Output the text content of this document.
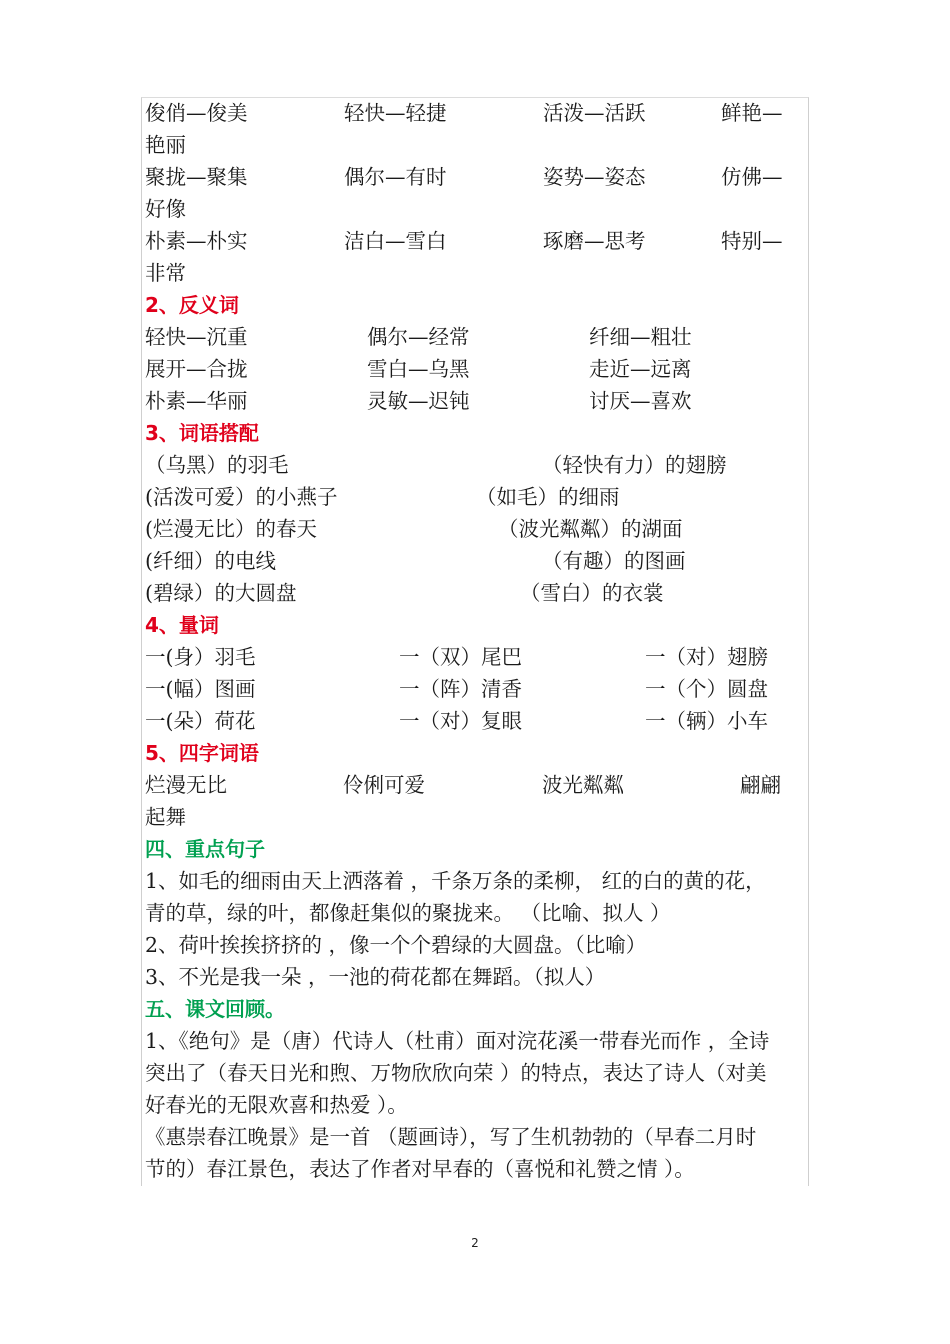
俊俏—俊美	轻快—轻捷	活泼—活跃	鲜艳—
艳丽
聚拢—聚集	偶尔—有时	姿势—姿态	仿佛—
好像
朴素—朴实	洁白—雪白	琢磨—思考	特别—
非常
2、反义词
轻快—沉重	偶尔—经常	纤细—粗壮
展开—合拢	雪白—乌黑	走近—远离
朴素—华丽	灵敏—迟钝	讨厌—喜欢
3、词语搭配
（乌黑）的羽毛	（轻快有力）的翅膀
(活泼可爱）的小燕子	（如毛）的细雨
(烂漫无比）的春天	（波光粼粼）的湖面
(纤细）的电线	（有趣）的图画
(碧绿）的大圆盘	（雪白）的衣裳
4、量词
一(身）羽毛	一（双）尾巴	一（对）翅膀
一(幅）图画	一（阵）清香	一（个）圆盘
一(朵）荷花	一（对）复眼	一（辆）小车
5、四字词语
烂漫无比	伶俐可爱	波光粼粼	翩翩
起舞
四、重点句子
1、如毛的细雨由天上洒落着 ，千条万条的柔柳， 红的白的黄的花，
青的草，绿的叶，都像赶集似的聚拢来。 （比喻、拟人 ）
2、荷叶挨挨挤挤的 ，像一个个碧绿的大圆盘。（比喻）
3、不光是我一朵 ，一池的荷花都在舞蹈。（拟人）
五、课文回顾。
1、《绝句》是（唐）代诗人（杜甫）面对浣花溪一带春光而作 ，全诗
突出了（春天日光和煦、万物欣欣向荣 ）的特点，表达了诗人（对美
好春光的无限欢喜和热爱 ）。
《惠崇春江晚景》是一首 （题画诗），写了生机勃勃的（早春二月时
节的）春江景色，表达了作者对早春的（喜悦和礼赞之情 ）。
2
